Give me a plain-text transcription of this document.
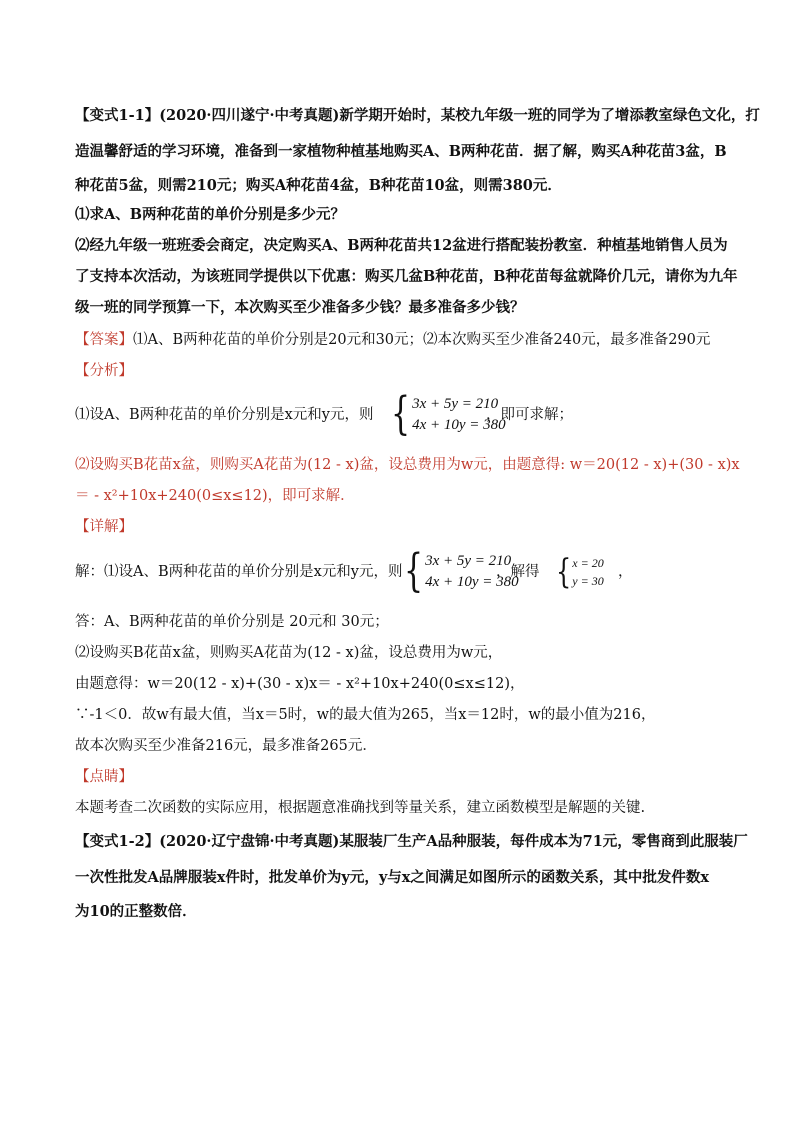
【变式1-1】(2020·四川遂宁·中考真题)新学期开始时，某校九年级一班的同学为了增添教室绿色文化，打
造温馨舒适的学习环境，准备到一家植物种植基地购买A、B两种花苗．据了解，购买A种花苗3盆，B
种花苗5盆，则需210元；购买A种花苗4盆，B种花苗10盆，则需380元．
⑴求A、B两种花苗的单价分别是多少元？
⑵经九年级一班班委会商定，决定购买A、B两种花苗共12盆进行搭配装扮教室．种植基地销售人员为
了支持本次活动，为该班同学提供以下优惠：购买几盆B种花苗，B种花苗每盆就降价几元，请你为九年
级一班的同学预算一下，本次购买至少准备多少钱？最多准备多少钱？
【答案】⑴A、B两种花苗的单价分别是20元和30元；⑵本次购买至少准备240元，最多准备290元
【分析】
⑴设A、B两种花苗的单价分别是x元和y元，则 { 3x + 5y = 210
4x + 10y = 380
，即可求解；
⑵设购买B花苗x盆，则购买A花苗为(12 - x)盆，设总费用为w元，由题意得: w＝20(12 - x)+(30 - x)x
＝ - x²+10x+240(0≤x≤12)，即可求解．
【详解】
解：⑴设A、B两种花苗的单价分别是x元和y元，则 { 3x + 5y = 210
4x + 10y = 380
，解得 { x = 20
y = 30
，
答：A、B两种花苗的单价分别是 20元和 30元；
⑵设购买B花苗x盆，则购买A花苗为(12 - x)盆，设总费用为w元，
由题意得：w＝20(12 - x)+(30 - x)x＝ - x²+10x+240(0≤x≤12)，
∵-1＜0．故w有最大值，当x＝5时，w的最大值为265，当x＝12时，w的最小值为216，
故本次购买至少准备216元，最多准备265元．
【点睛】
本题考查二次函数的实际应用，根据题意准确找到等量关系，建立函数模型是解题的关键.
【变式1-2】(2020·辽宁盘锦·中考真题)某服装厂生产A品种服装，每件成本为71元，零售商到此服装厂
一次性批发A品牌服装x件时，批发单价为y元，y与x之间满足如图所示的函数关系，其中批发件数x
为10的正整数倍．
